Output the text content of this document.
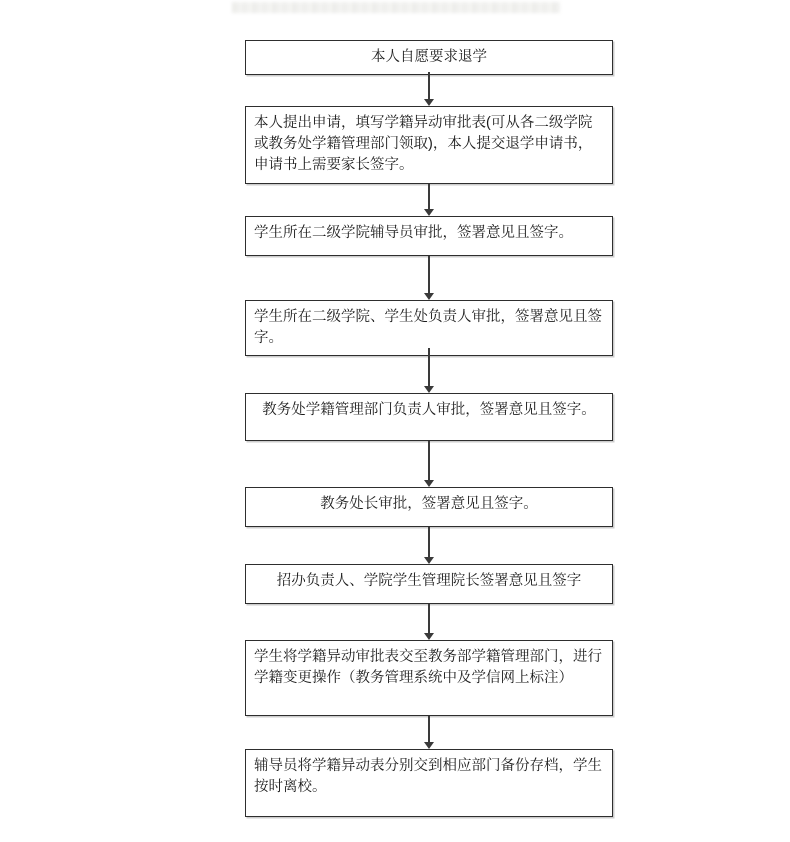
本人自愿要求退学
本人提出申请，填写学籍异动审批表(可从各二级学院或教务处学籍管理部门领取)，本人提交退学申请书，申请书上需要家长签字。
学生所在二级学院辅导员审批，签署意见且签字。
学生所在二级学院、学生处负责人审批，签署意见且签字。
教务处学籍管理部门负责人审批，签署意见且签字。
教务处长审批，签署意见且签字。
招办负责人、学院学生管理院长签署意见且签字
学生将学籍异动审批表交至教务部学籍管理部门，进行学籍变更操作（教务管理系统中及学信网上标注）
辅导员将学籍异动表分别交到相应部门备份存档，学生按时离校。
